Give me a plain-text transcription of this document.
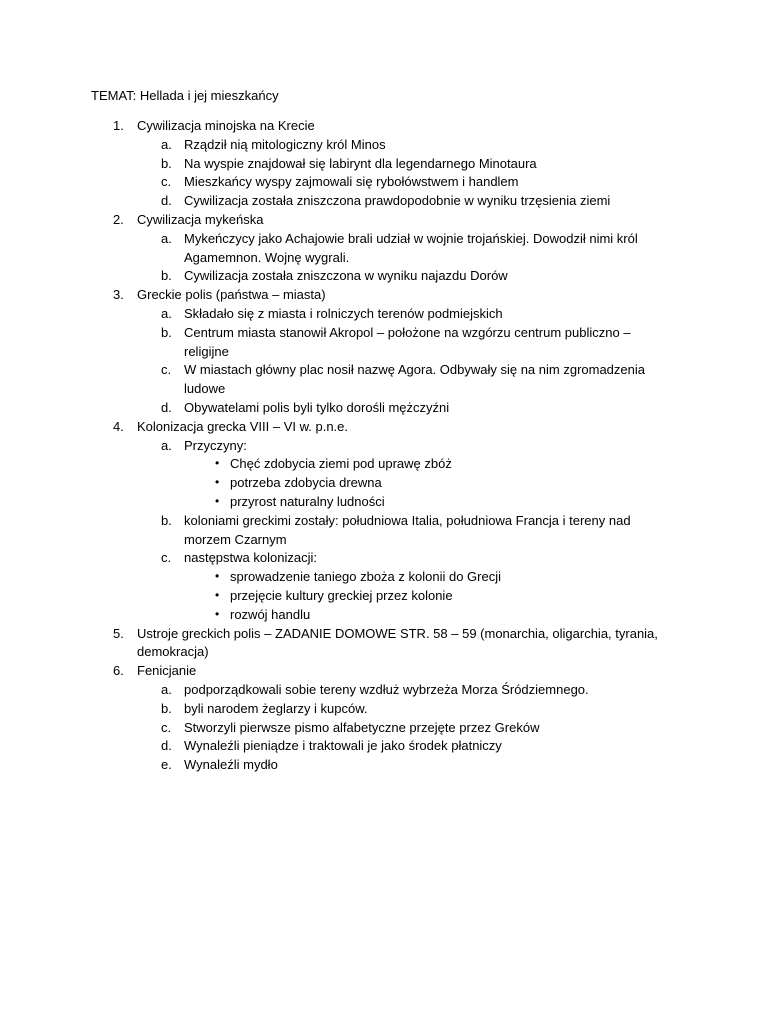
TEMAT: Hellada i jej mieszkańcy
1. Cywilizacja minojska na Krecie
a. Rządził nią mitologiczny król Minos
b. Na wyspie znajdował się labirynt dla legendarnego Minotaura
c. Mieszkańcy wyspy zajmowali się rybołówstwem i handlem
d. Cywilizacja została zniszczona prawdopodobnie w wyniku trzęsienia ziemi
2. Cywilizacja mykeńska
a. Mykeńczycy jako Achajowie brali udział w wojnie trojańskiej. Dowodził nimi król
Agamemnon. Wojnę wygrali.
b. Cywilizacja została zniszczona w wyniku najazdu Dorów
3. Greckie polis (państwa – miasta)
a. Składało się z miasta i rolniczych terenów podmiejskich
b. Centrum miasta stanowił Akropol – położone na wzgórzu centrum publiczno –
religijne
c. W miastach główny plac nosił nazwę Agora. Odbywały się na nim zgromadzenia
ludowe
d. Obywatelami polis byli tylko dorośli mężczyźni
4. Kolonizacja grecka VIII – VI w. p.n.e.
a. Przyczyny:
• Chęć zdobycia ziemi pod uprawę zbóż
• potrzeba zdobycia drewna
• przyrost naturalny ludności
b. koloniami greckimi zostały: południowa Italia, południowa Francja i tereny nad
morzem Czarnym
c. następstwa kolonizacji:
• sprowadzenie taniego zboża z kolonii do Grecji
• przejęcie kultury greckiej przez kolonie
• rozwój handlu
5. Ustroje greckich polis – ZADANIE DOMOWE STR. 58 – 59 (monarchia, oligarchia, tyrania,
demokracja)
6. Fenicjanie
a. podporządkowali sobie tereny wzdłuż wybrzeża Morza Śródziemnego.
b. byli narodem żeglarzy i kupców.
c. Stworzyli pierwsze pismo alfabetyczne przejęte przez Greków
d. Wynaleźli pieniądze i traktowali je jako środek płatniczy
e. Wynaleźli mydło
